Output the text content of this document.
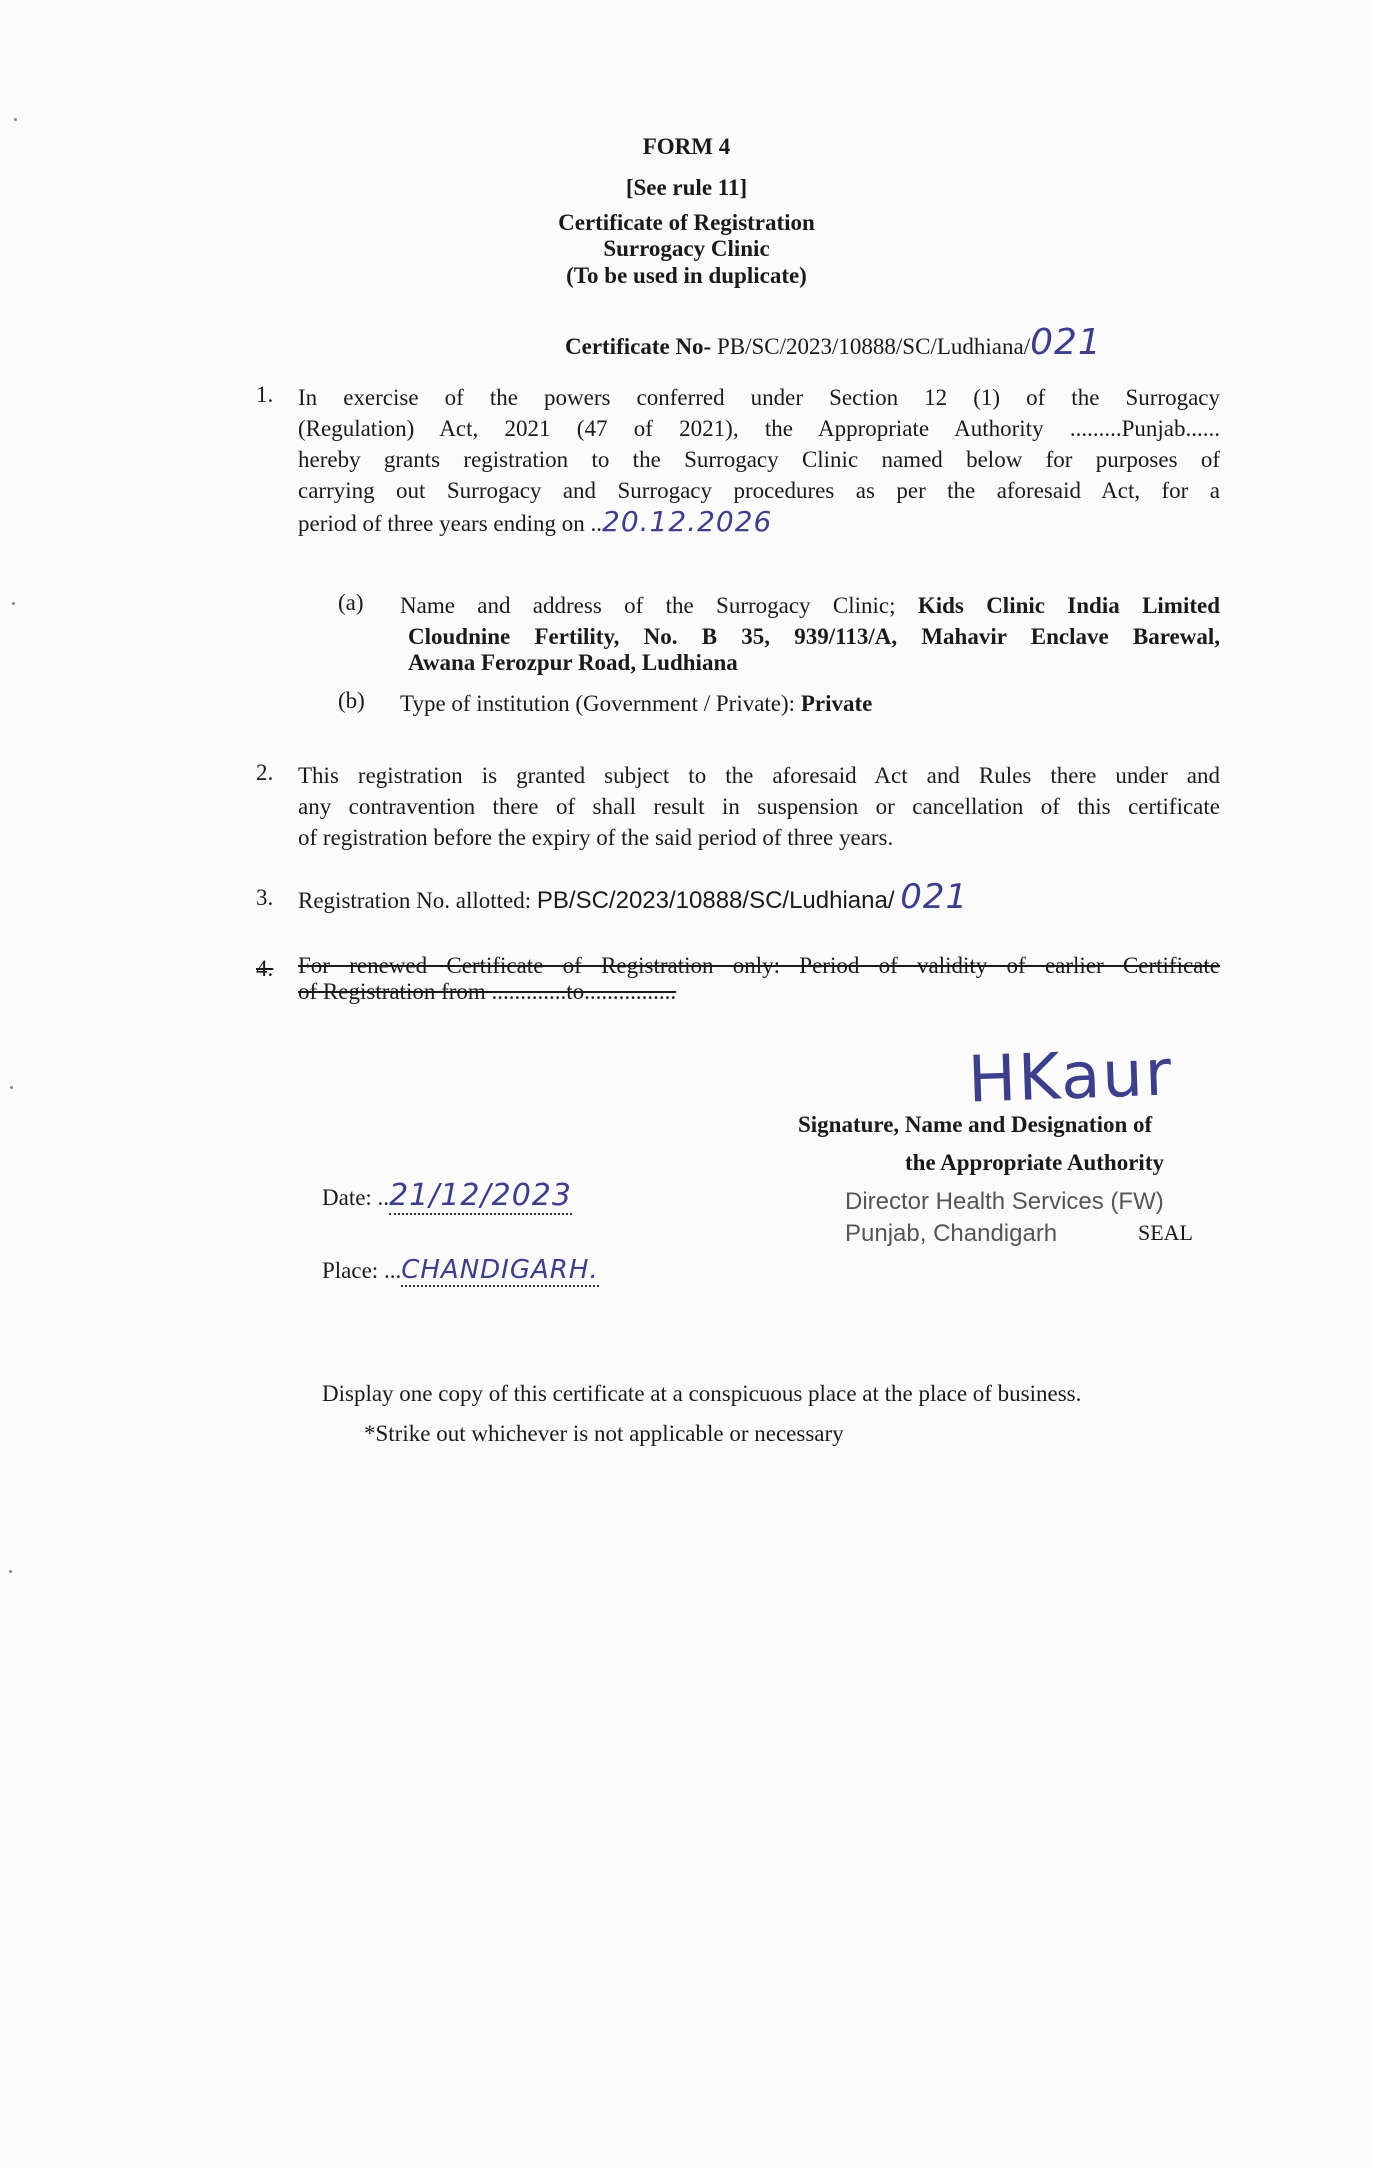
FORM 4
[See rule 11]
Certificate of Registration
Surrogacy Clinic
(To be used in duplicate)
Certificate No- PB/SC/2023/10888/SC/Ludhiana/021
1. In exercise of the powers conferred under Section 12 (1) of the Surrogacy
(Regulation) Act, 2021 (47 of 2021), the Appropriate Authority .........Punjab......
hereby grants registration to the Surrogacy Clinic named below for purposes of
carrying out Surrogacy and Surrogacy procedures as per the aforesaid Act, for a
period of three years ending on ..20.12.2026
(a) Name and address of the Surrogacy Clinic; Kids Clinic India Limited
Cloudnine Fertility, No. B 35, 939/113/A, Mahavir Enclave Barewal,
Awana Ferozpur Road, Ludhiana
(b) Type of institution (Government / Private): Private
2. This registration is granted subject to the aforesaid Act and Rules there under and
any contravention there of shall result in suspension or cancellation of this certificate
of registration before the expiry of the said period of three years.
3. Registration No. allotted: PB/SC/2023/10888/SC/Ludhiana/ 021
4. For renewed Certificate of Registration only: Period of validity of earlier Certificate
of Registration from .............to................
HKaur
Signature, Name and Designation of
the Appropriate Authority
Director Health Services (FW)
Punjab, Chandigarh	SEAL
Date: ..21/12/2023
Place: ...CHANDIGARH.
Display one copy of this certificate at a conspicuous place at the place of business.
*Strike out whichever is not applicable or necessary
